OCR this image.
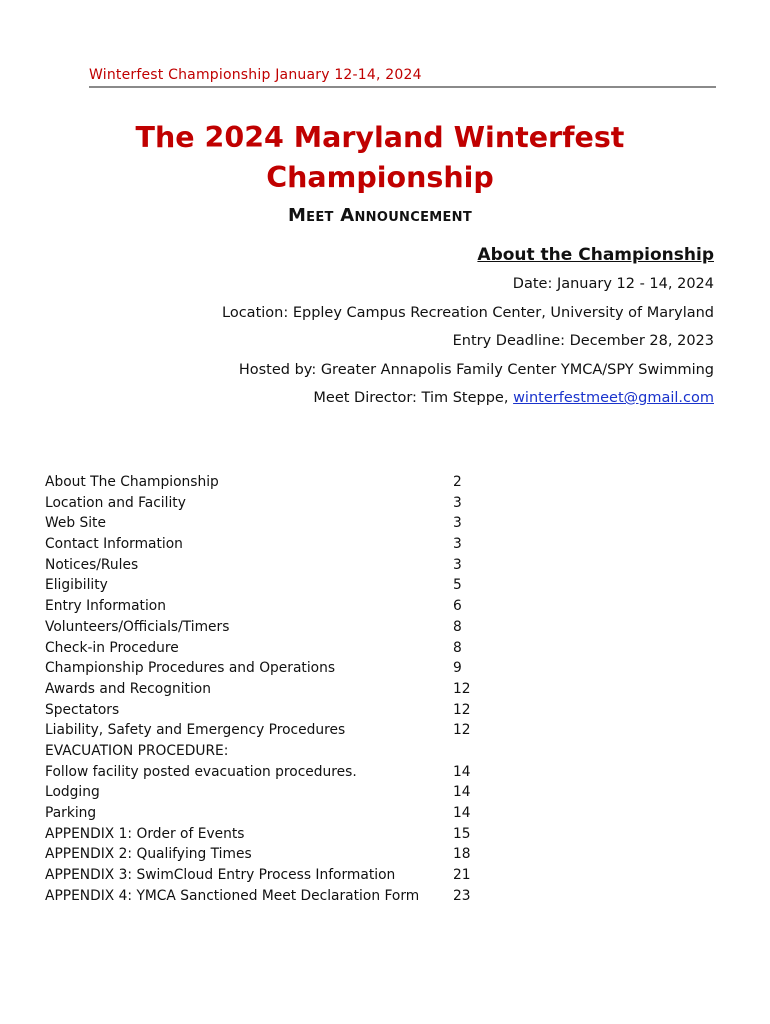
Winterfest Championship January 12-14, 2024
The 2024 Maryland Winterfest
Championship
Meet Announcement

About the Championship

Date: January 12 - 14, 2024

Location: Eppley Campus Recreation Center, University of Maryland

Entry Deadline: December 28, 2023

Hosted by: Greater Annapolis Family Center YMCA/SPY Swimming

Meet Director: Tim Steppe, winterfestmeet@gmail.com

About The Championship	2
Location and Facility	3
Web Site	3
Contact Information	3
Notices/Rules	3
Eligibility	5
Entry Information	6
Volunteers/Officials/Timers	8
Check-in Procedure	8
Championship Procedures and Operations	9
Awards and Recognition	12
Spectators	12
Liability, Safety and Emergency Procedures	12
EVACUATION PROCEDURE:
Follow facility posted evacuation procedures.	14
Lodging	14
Parking	14
APPENDIX 1: Order of Events	15
APPENDIX 2: Qualifying Times	18
APPENDIX 3: SwimCloud Entry Process Information	21
APPENDIX 4: YMCA Sanctioned Meet Declaration Form	23
